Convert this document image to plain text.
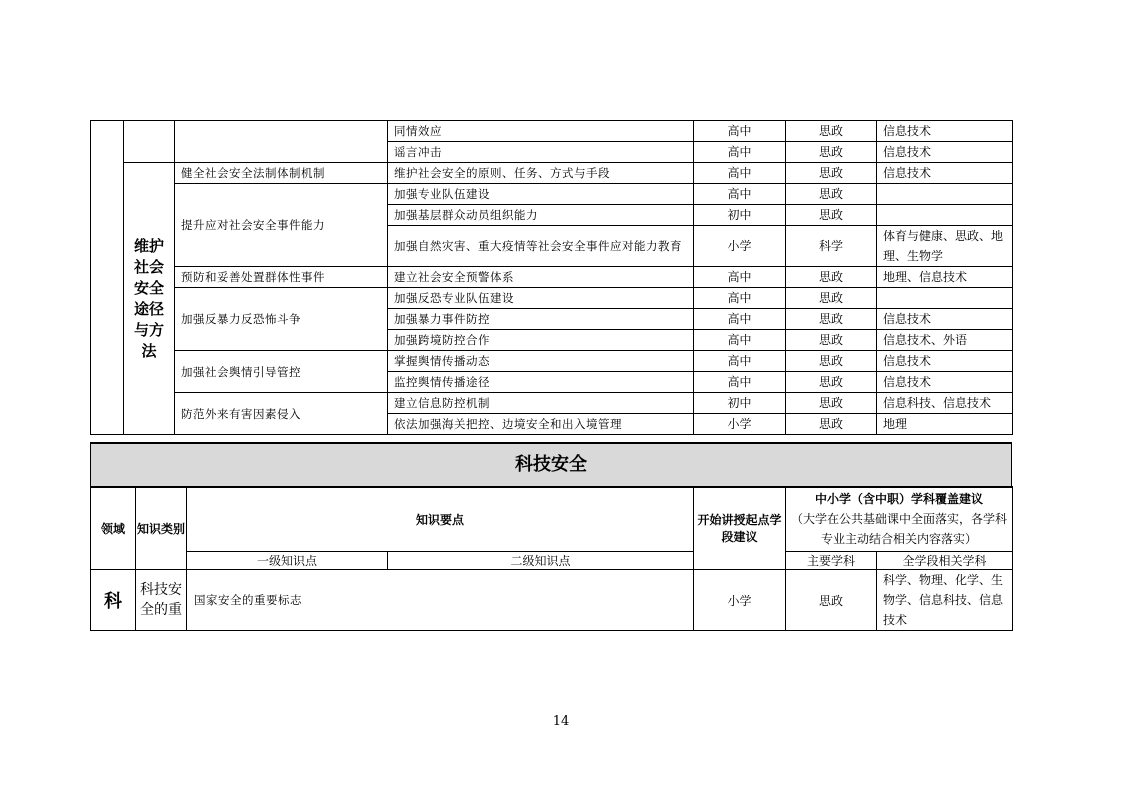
			同情效应	高中	思政	信息技术
			谣言冲击	高中	思政	信息技术
	维护社会安全途径与方法	健全社会安全法制体制机制	维护社会安全的原则、任务、方式与手段	高中	思政	信息技术
		提升应对社会安全事件能力	加强专业队伍建设	高中	思政	
			加强基层群众动员组织能力	初中	思政	
			加强自然灾害、重大疫情等社会安全事件应对能力教育	小学	科学	体育与健康、思政、地理、生物学
		预防和妥善处置群体性事件	建立社会安全预警体系	高中	思政	地理、信息技术
		加强反暴力反恐怖斗争	加强反恐专业队伍建设	高中	思政	
			加强暴力事件防控	高中	思政	信息技术
			加强跨境防控合作	高中	思政	信息技术、外语
		加强社会舆情引导管控	掌握舆情传播动态	高中	思政	信息技术
			监控舆情传播途径	高中	思政	信息技术
		防范外来有害因素侵入	建立信息防控机制	初中	思政	信息科技、信息技术
			依法加强海关把控、边境安全和出入境管理	小学	思政	地理
科技安全
领域	知识类别	知识要点		开始讲授起点学段建议	中小学（含中职）学科覆盖建议
（大学在公共基础课中全面落实，各学科专业主动结合相关内容落实）	

		一级知识点	二级知识点		主要学科	全学段相关学科
科	科技安全的重	国家安全的重要标志		小学	思政	科学、物理、化学、生物学、信息科技、信息技术
14
